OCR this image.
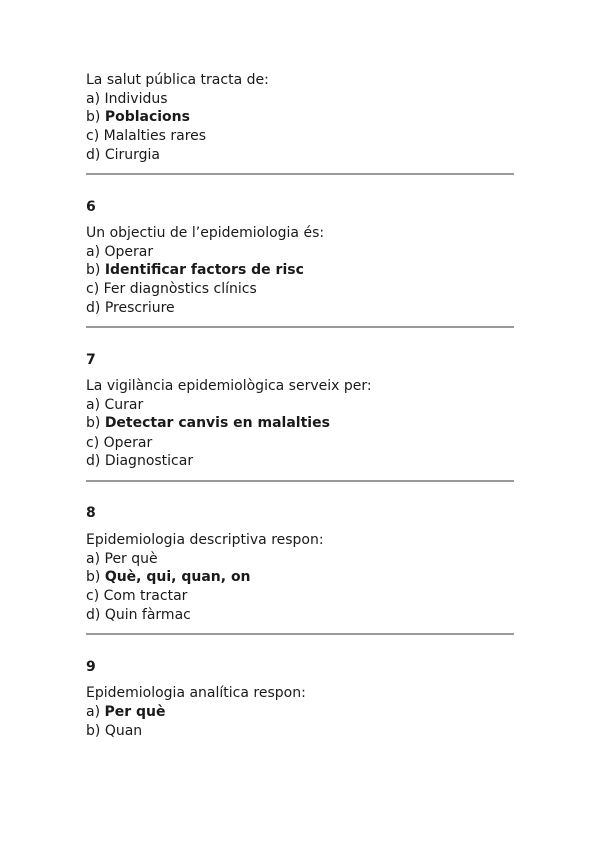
La salut pública tracta de:

a) Individus

b) Poblacions

c) Malalties rares

d) Cirurgia

6

Un objectiu de l’epidemiologia és:

a) Operar

b) Identificar factors de risc

c) Fer diagnòstics clínics

d) Prescriure

7

La vigilància epidemiològica serveix per:

a) Curar

b) Detectar canvis en malalties

c) Operar

d) Diagnosticar

8

Epidemiologia descriptiva respon:

a) Per què

b) Què, qui, quan, on

c) Com tractar

d) Quin fàrmac

9

Epidemiologia analítica respon:

a) Per què

b) Quan
